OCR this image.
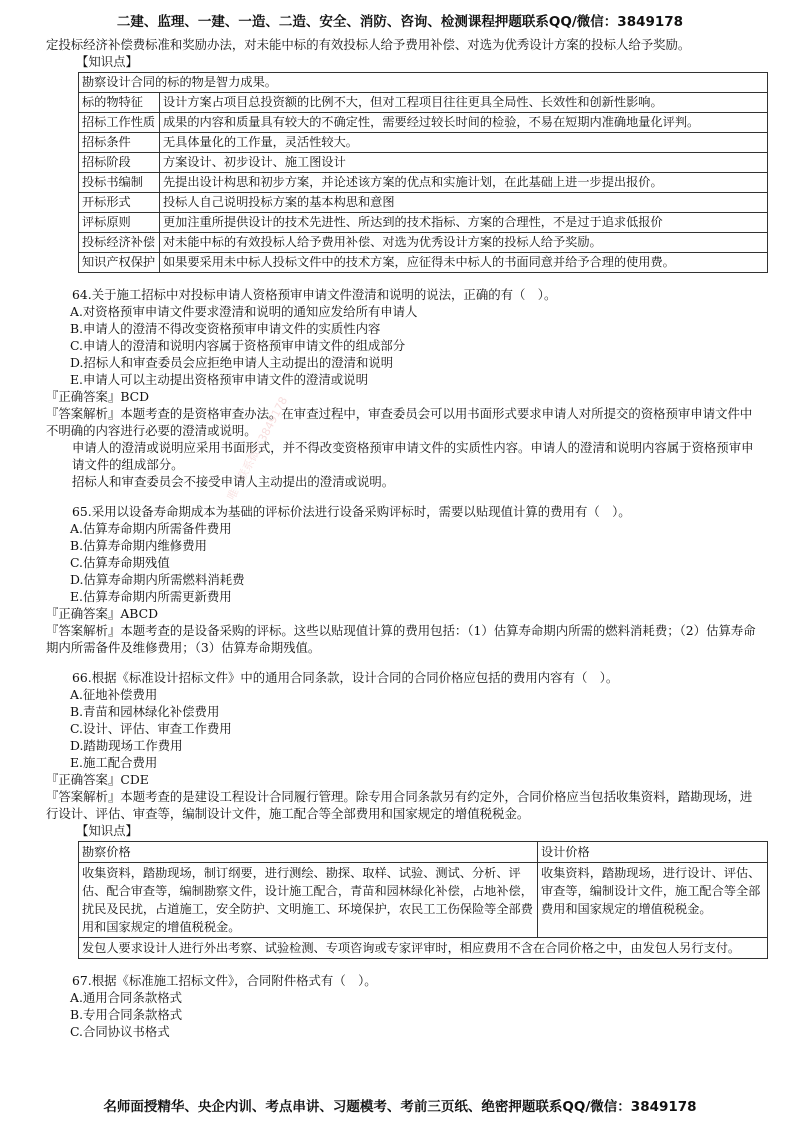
二建、监理、一建、一造、二造、安全、消防、咨询、检测课程押题联系QQ/微信：3849178
唯一联系微信3849178

定投标经济补偿费标准和奖励办法，对未能中标的有效投标人给予费用补偿、对选为优秀设计方案的投标人给予奖励。

【知识点】

勘察设计合同的标的物是智力成果。	
标的物特征	设计方案占项目总投资额的比例不大，但对工程项目往往更具全局性、长效性和创新性影响。
招标工作性质	成果的内容和质量具有较大的不确定性，需要经过较长时间的检验，不易在短期内准确地量化评判。
招标条件	无具体量化的工作量，灵活性较大。
招标阶段	方案设计、初步设计、施工图设计
投标书编制	先提出设计构思和初步方案，并论述该方案的优点和实施计划，在此基础上进一步提出报价。
开标形式	投标人自己说明投标方案的基本构思和意图
评标原则	更加注重所提供设计的技术先进性、所达到的技术指标、方案的合理性，不是过于追求低报价
投标经济补偿	对未能中标的有效投标人给予费用补偿、对选为优秀设计方案的投标人给予奖励。
知识产权保护	如果要采用未中标人投标文件中的技术方案，应征得未中标人的书面同意并给予合理的使用费。

64.关于施工招标中对投标申请人资格预审申请文件澄清和说明的说法，正确的有（　）。

A.对资格预审申请文件要求澄清和说明的通知应发给所有申请人

B.申请人的澄清不得改变资格预审申请文件的实质性内容

C.申请人的澄清和说明内容属于资格预审申请文件的组成部分

D.招标人和审查委员会应拒绝申请人主动提出的澄清和说明

E.申请人可以主动提出资格预审申请文件的澄清或说明

『正确答案』BCD

『答案解析』本题考查的是资格审查办法。在审查过程中，审查委员会可以用书面形式要求申请人对所提交的资格预审申请文件中不明确的内容进行必要的澄清或说明。

申请人的澄清或说明应采用书面形式，并不得改变资格预审申请文件的实质性内容。申请人的澄清和说明内容属于资格预审申请文件的组成部分。

招标人和审查委员会不接受申请人主动提出的澄清或说明。

65.采用以设备寿命期成本为基础的评标价法进行设备采购评标时，需要以贴现值计算的费用有（　）。

A.估算寿命期内所需备件费用

B.估算寿命期内维修费用

C.估算寿命期残值

D.估算寿命期内所需燃料消耗费

E.估算寿命期内所需更新费用

『正确答案』ABCD

『答案解析』本题考查的是设备采购的评标。这些以贴现值计算的费用包括：（1）估算寿命期内所需的燃料消耗费；（2）估算寿命期内所需备件及维修费用；（3）估算寿命期残值。

66.根据《标准设计招标文件》中的通用合同条款，设计合同的合同价格应包括的费用内容有（　）。

A.征地补偿费用

B.青苗和园林绿化补偿费用

C.设计、评估、审查工作费用

D.踏勘现场工作费用

E.施工配合费用

『正确答案』CDE

『答案解析』本题考查的是建设工程设计合同履行管理。除专用合同条款另有约定外，合同价格应当包括收集资料，踏勘现场，进行设计、评估、审查等，编制设计文件，施工配合等全部费用和国家规定的增值税税金。

【知识点】

勘察价格	设计价格
收集资料，踏勘现场，制订纲要，进行测绘、勘探、取样、试验、测试、分析、评估、配合审查等，编制勘察文件，设计施工配合，青苗和园林绿化补偿，占地补偿，扰民及民扰，占道施工，安全防护、文明施工、环境保护，农民工工伤保险等全部费用和国家规定的增值税税金。	收集资料，踏勘现场，进行设计、评估、审查等，编制设计文件，施工配合等全部费用和国家规定的增值税税金。
发包人要求设计人进行外出考察、试验检测、专项咨询或专家评审时，相应费用不含在合同价格之中，由发包人另行支付。	

67.根据《标准施工招标文件》，合同附件格式有（　）。

A.通用合同条款格式

B.专用合同条款格式

C.合同协议书格式

名师面授精华、央企内训、考点串讲、习题模考、考前三页纸、绝密押题联系QQ/微信：3849178
